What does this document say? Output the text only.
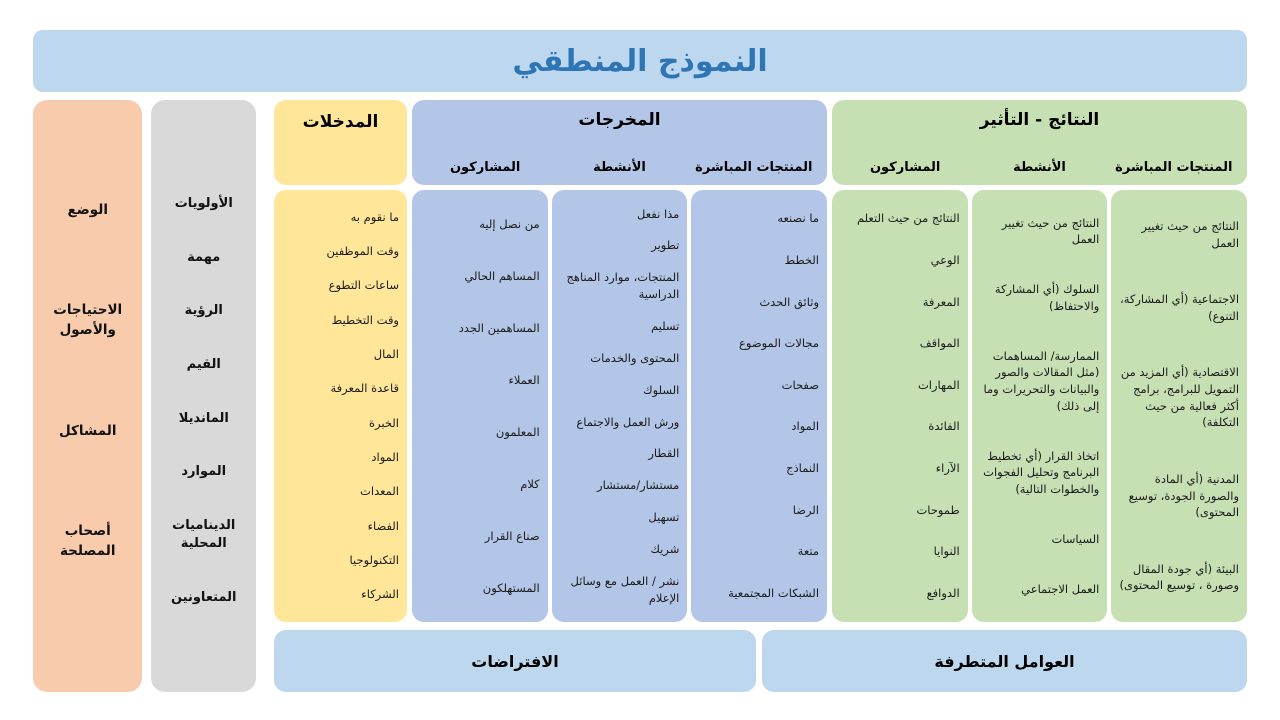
النموذج المنطقي
الوضع
الاحتياجات والأصول
المشاكل
أصحاب المصلحة
الأولويات
مهمة
الرؤية
القيم
المانديلا
الموارد
الديناميات المحلية
المتعاونين
المدخلات
ما نقوم به
وقت الموظفين
ساعات التطوع
وقت التخطيط
المال
قاعدة المعرفة
الخبرة
المواد
المعدات
الفضاء
التكنولوجيا
الشركاء
المخرجات
المشاركون	الأنشطة	المنتجات المباشرة
من نصل إليه
المساهم الحالي
المساهمين الجدد
العملاء
المعلمون
كلام
صناع القرار
المستهلكون
مذا نفعل
تطوير
المنتجات، موارد المناهج الدراسية
تسليم
المحتوى والخدمات
السلوك
ورش العمل والاجتماع
القطار
مستشار/مستشار
تسهيل
شريك
نشر / العمل مع وسائل الإعلام
ما نصنعه
الخطط
وثائق الحدث
مجالات الموضوع
صفحات
المواد
النماذج
الرضا
متعة
الشبكات المجتمعية
النتائج - التأثير
المشاركون	الأنشطة	المنتجات المباشرة
النتائج من حيث التعلم
الوعي
المعرفة
المواقف
المهارات
الفائدة
الآراء
طموحات
النوايا
الدوافع
النتائج من حيث تغيير العمل
السلوك (أي المشاركة والاحتفاظ)
الممارسة/ المساهمات (مثل المقالات والصور والبيانات والتحريرات وما إلى ذلك)
اتخاذ القرار (أي تخطيط البرنامج وتحليل الفجوات والخطوات التالية)
السياسات
العمل الاجتماعي
النتائج من حيث تغيير العمل
الاجتماعية (أي المشاركة، التنوع)
الاقتصادية (أي المزيد من التمويل للبرامج، برامج أكثر فعالية من حيث التكلفة)
المدنية (أي المادة والصورة الجودة، توسيع المحتوى)
البيئة (أي جودة المقال وصورة ، توسيع المحتوى)
الافتراضات	العوامل المتطرفة
